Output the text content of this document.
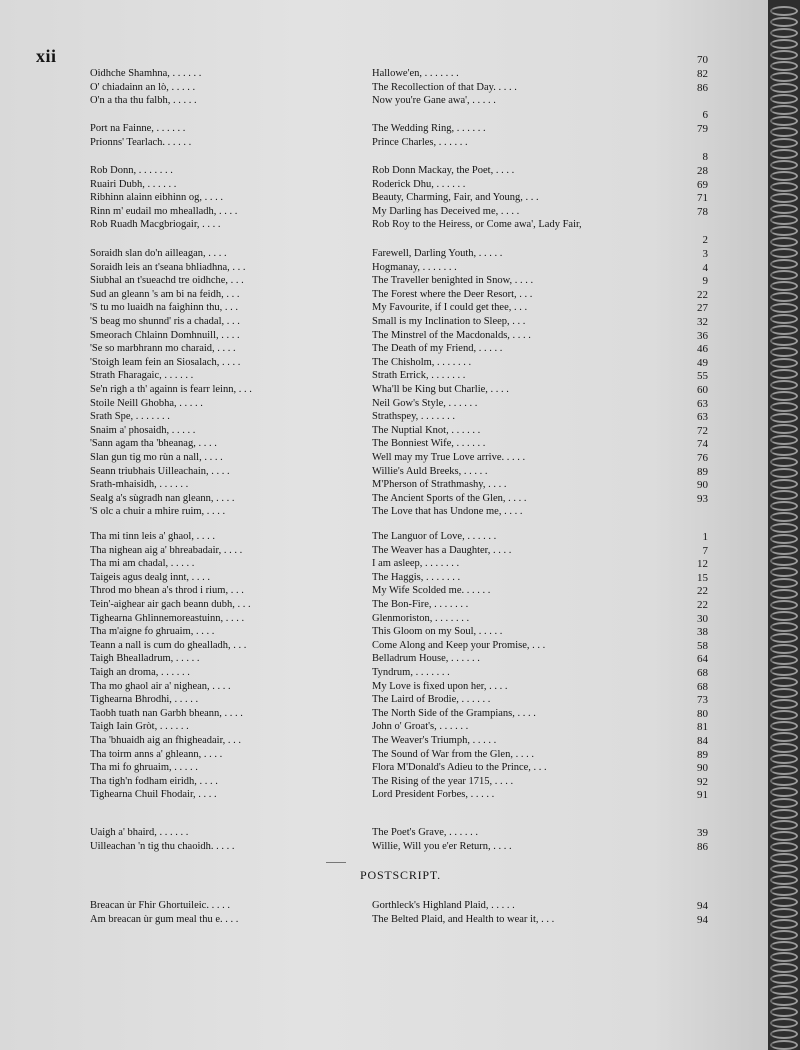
xii	70
Oidhche Shamhna, . . . . . .	Hallowe'en, . . . . . . .	82
O' chiadainn an lò, . . . . .	The Recollection of that Day. . . . .	86
O'n a tha thu falbh, . . . . .	Now you're Gane awa', . . . . .
6
Port na Fainne, . . . . . .	The Wedding Ring, . . . . . .	79
Prionns' Tearlach. . . . . .	Prince Charles, . . . . . .
8
Rob Donn, . . . . . . .	Rob Donn Mackay, the Poet, . . . .	28
Ruairi Dubh, . . . . . .	Roderick Dhu, . . . . . .	69
Ribhinn alainn eibhinn og, . . . .	Beauty, Charming, Fair, and Young, . . .	71
Rinn m' eudail mo mhealladh, . . . .	My Darling has Deceived me, . . . .	78
Rob Ruadh Macgbriogair, . . . .	Rob Roy to the Heiress, or Come awa', Lady Fair,
2
Soraidh slan do'n ailleagan, . . . .	Farewell, Darling Youth, . . . . .	3
Soraidh leis an t'seana bhliadhna, . . .	Hogmanay, . . . . . . .	4
Siubhal an t'sueachd tre oidhche, . . .	The Traveller benighted in Snow, . . . .	9
Sud an gleann 's am bi na feidh, . . .	The Forest where the Deer Resort, . . .	22
'S tu mo luaidh na faighinn thu, . . .	My Favourite, if I could get thee, . . .	27
'S beag mo shunnd' ris a chadal, . . .	Small is my Inclination to Sleep, . . .	32
Smeorach Chlainn Domhnuill, . . . .	The Minstrel of the Macdonalds, . . . .	36
'Se so marbhrann mo charaid, . . . .	The Death of my Friend, . . . . .	46
'Stoigh leam fein an Siosalach, . . . .	The Chisholm, . . . . . . .	49
Strath Fharagaic, . . . . . .	Strath Errick, . . . . . . .	55
Se'n righ a th' againn is fearr leinn, . . .	Wha'll be King but Charlie, . . . .	60
Stoile Neill Ghobha, . . . . .	Neil Gow's Style, . . . . . .	63
Srath Spe, . . . . . . .	Strathspey, . . . . . . .	63
Snaim a' phosaidh, . . . . .	The Nuptial Knot, . . . . . .	72
'Sann agam tha 'bheanag, . . . .	The Bonniest Wife, . . . . . .	74
Slan gun tig mo rùn a nall, . . . .	Well may my True Love arrive. . . . .	76
Seann triubhais Uilleachain, . . . .	Willie's Auld Breeks, . . . . .	89
Srath-mhaisidh, . . . . . .	M'Pherson of Strathmashy, . . . .	90
Sealg a's sùgradh nan gleann, . . . .	The Ancient Sports of the Glen, . . . .	93
'S olc a chuir a mhire ruim, . . . .	The Love that has Undone me, . . . .
Tha mi tinn leis a' ghaol, . . . .	The Languor of Love, . . . . . .	1
Tha nighean aig a' bhreabadair, . . . .	The Weaver has a Daughter, . . . .	7
Tha mi am chadal, . . . . .	I am asleep, . . . . . . .	12
Taigeis agus dealg innt, . . . .	The Haggis, . . . . . . .	15
Throd mo bhean a's throd i rium, . . .	My Wife Scolded me. . . . . .	22
Tein'-aighear air gach beann dubh, . . .	The Bon-Fire, . . . . . . .	22
Tighearna Ghlinnemoreastuinn, . . . .	Glenmoriston, . . . . . . .	30
Tha m'aigne fo ghruaim, . . . .	This Gloom on my Soul, . . . . .	38
Teann a nall is cum do ghealladh, . . .	Come Along and Keep your Promise, . . .	58
Taigh Bhealladrum, . . . . .	Belladrum House, . . . . . .	64
Taigh an droma, . . . . . .	Tyndrum, . . . . . . .	68
Tha mo ghaol air a' nighean, . . . .	My Love is fixed upon her, . . . .	68
Tighearna Bhrodhi, . . . . .	The Laird of Brodie, . . . . . .	73
Taobh tuath nan Garbh bheann, . . . .	The North Side of the Grampians, . . . .	80
Taigh Iain Gròt, . . . . . .	John o' Groat's, . . . . . .	81
Tha 'bhuaidh aig an fhigheadair, . . .	The Weaver's Triumph, . . . . .	84
Tha toirm anns a' ghleann, . . . .	The Sound of War from the Glen, . . . .	89
Tha mi fo ghruaim, . . . . .	Flora M'Donald's Adieu to the Prince, . . .	90
Tha tigh'n fodham eiridh, . . . .	The Rising of the year 1715, . . . .	92
Tighearna Chuil Fhodair, . . . .	Lord President Forbes, . . . . .	91
Uaigh a' bhaird, . . . . . .	The Poet's Grave, . . . . . .	39
Uilleachan 'n tig thu chaoidh. . . . .	Willie, Will you e'er Return, . . . .	86
Breacan ùr Fhir Ghortuileic. . . . .	Gorthleck's Highland Plaid, . . . . .	94
Am breacan ùr gum meal thu e. . . .	The Belted Plaid, and Health to wear it, . . .	94
POSTSCRIPT.
